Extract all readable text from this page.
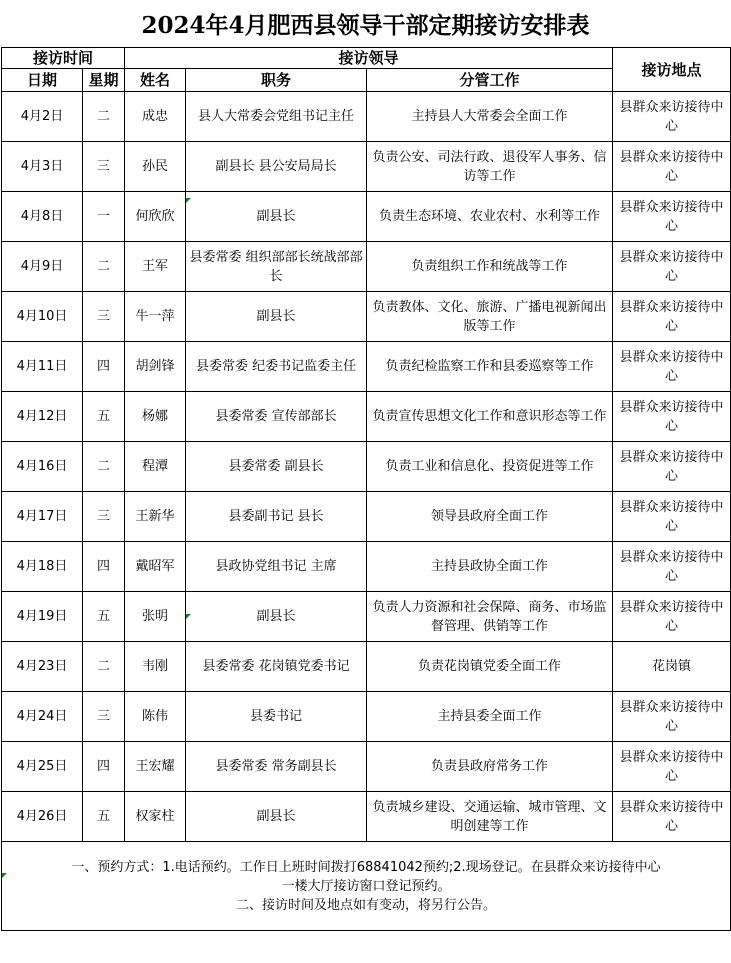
2024年4月肥西县领导干部定期接访安排表
接访时间		接访领导			接访地点
日期	星期	姓名	职务	分管工作	
4月2日	二	成忠	县人大常委会党组书记主任	主持县人大常委会全面工作	县群众来访接待中心
4月3日	三	孙民	副县长 县公安局局长	负责公安、司法行政、退役军人事务、信访等工作	县群众来访接待中心
4月8日	一	何欣欣	副县长	负责生态环境、农业农村、水利等工作	县群众来访接待中心
4月9日	二	王军	县委常委 组织部部长统战部部长	负责组织工作和统战等工作	县群众来访接待中心
4月10日	三	牛一萍	副县长	负责教体、文化、旅游、广播电视新闻出版等工作	县群众来访接待中心
4月11日	四	胡剑锋	县委常委 纪委书记监委主任	负责纪检监察工作和县委巡察等工作	县群众来访接待中心
4月12日	五	杨娜	县委常委 宣传部部长	负责宣传思想文化工作和意识形态等工作	县群众来访接待中心
4月16日	二	程潭	县委常委 副县长	负责工业和信息化、投资促进等工作	县群众来访接待中心
4月17日	三	王新华	县委副书记 县长	领导县政府全面工作	县群众来访接待中心
4月18日	四	戴昭军	县政协党组书记 主席	主持县政协全面工作	县群众来访接待中心
4月19日	五	张明	副县长	负责人力资源和社会保障、商务、市场监督管理、供销等工作	县群众来访接待中心
4月23日	二	韦刚	县委常委 花岗镇党委书记	负责花岗镇党委全面工作	花岗镇
4月24日	三	陈伟	县委书记	主持县委全面工作	县群众来访接待中心
4月25日	四	王宏耀	县委常委 常务副县长	负责县政府常务工作	县群众来访接待中心
4月26日	五	权家柱	副县长	负责城乡建设、交通运输、城市管理、文明创建等工作	县群众来访接待中心

一、预约方式：1.电话预约。工作日上班时间拨打68841042预约;2.现场登记。在县群众来访接待中心
一楼大厅接访窗口登记预约。
二、接访时间及地点如有变动，将另行公告。					
